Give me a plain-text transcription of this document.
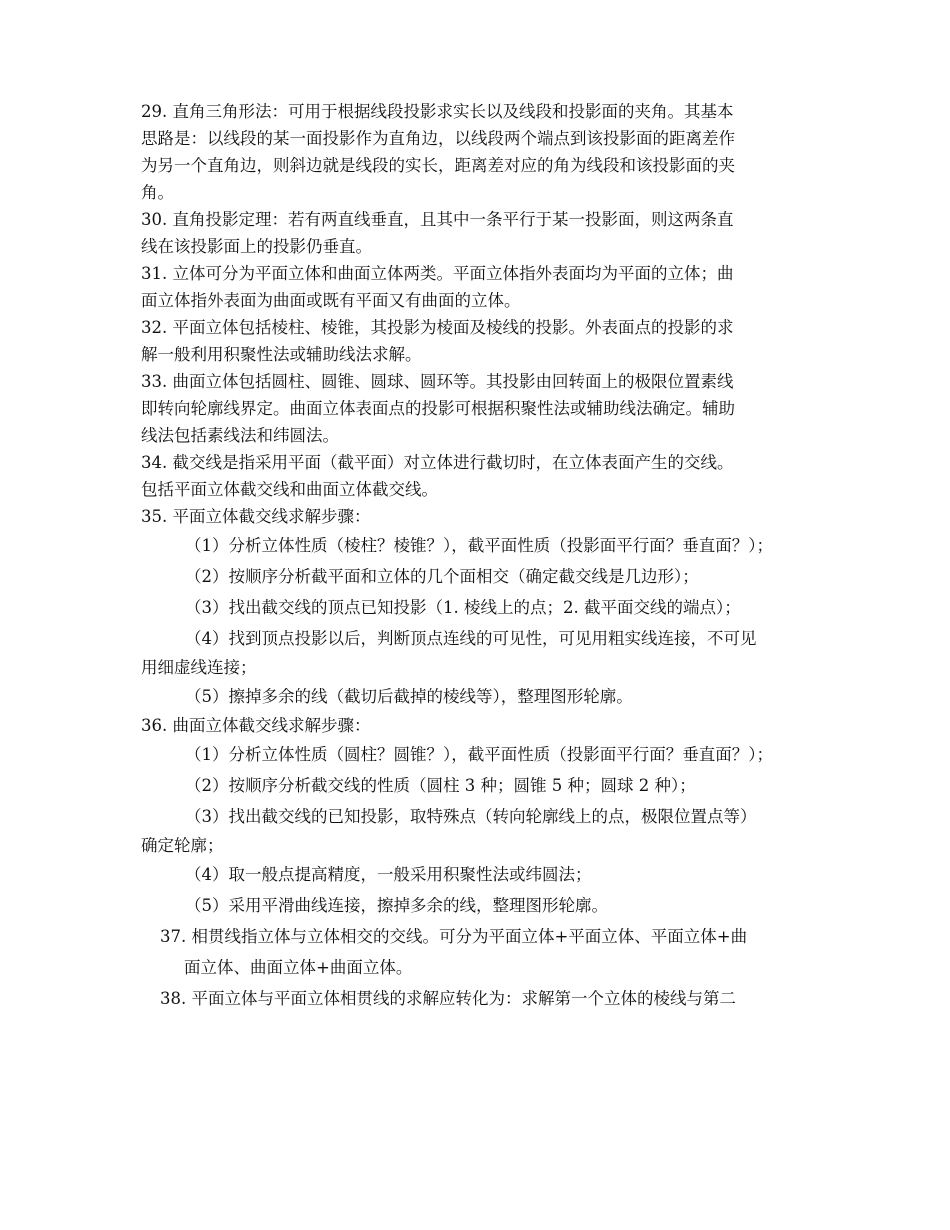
29. 直角三角形法：可用于根据线段投影求实长以及线段和投影面的夹角。其基本
思路是：以线段的某一面投影作为直角边，以线段两个端点到该投影面的距离差作
为另一个直角边，则斜边就是线段的实长，距离差对应的角为线段和该投影面的夹
角。
30. 直角投影定理：若有两直线垂直，且其中一条平行于某一投影面，则这两条直
线在该投影面上的投影仍垂直。
31. 立体可分为平面立体和曲面立体两类。平面立体指外表面均为平面的立体；曲
面立体指外表面为曲面或既有平面又有曲面的立体。
32. 平面立体包括棱柱、棱锥，其投影为棱面及棱线的投影。外表面点的投影的求
解一般利用积聚性法或辅助线法求解。
33. 曲面立体包括圆柱、圆锥、圆球、圆环等。其投影由回转面上的极限位置素线
即转向轮廓线界定。曲面立体表面点的投影可根据积聚性法或辅助线法确定。辅助
线法包括素线法和纬圆法。
34. 截交线是指采用平面（截平面）对立体进行截切时，在立体表面产生的交线。
包括平面立体截交线和曲面立体截交线。
35. 平面立体截交线求解步骤：
（1）分析立体性质（棱柱？棱锥？），截平面性质（投影面平行面？垂直面？）；
（2）按顺序分析截平面和立体的几个面相交（确定截交线是几边形）；
（3）找出截交线的顶点已知投影（1. 棱线上的点；2. 截平面交线的端点）；
（4）找到顶点投影以后，判断顶点连线的可见性，可见用粗实线连接，不可见
用细虚线连接；
（5）擦掉多余的线（截切后截掉的棱线等），整理图形轮廓。
36. 曲面立体截交线求解步骤：
（1）分析立体性质（圆柱？圆锥？），截平面性质（投影面平行面？垂直面？）；
（2）按顺序分析截交线的性质（圆柱 3 种；圆锥 5 种；圆球 2 种）；
（3）找出截交线的已知投影，取特殊点（转向轮廓线上的点，极限位置点等）
确定轮廓；
（4）取一般点提高精度，一般采用积聚性法或纬圆法；
（5）采用平滑曲线连接，擦掉多余的线，整理图形轮廓。
37. 相贯线指立体与立体相交的交线。可分为平面立体+平面立体、平面立体+曲
面立体、曲面立体+曲面立体。
38. 平面立体与平面立体相贯线的求解应转化为：求解第一个立体的棱线与第二
